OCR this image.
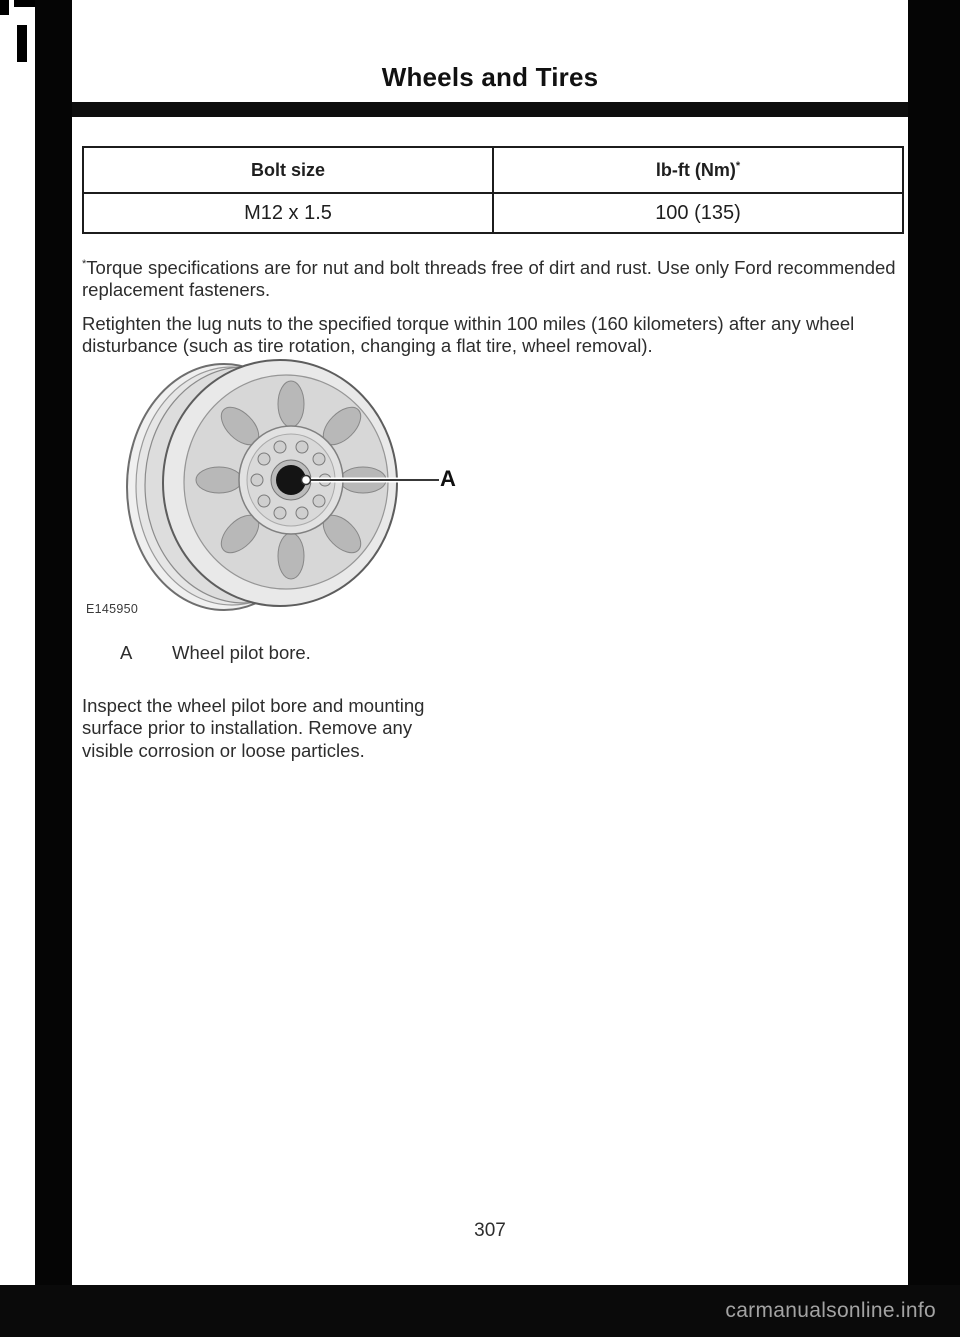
Wheels and Tires
Bolt size	lb-ft (Nm)*
M12 x 1.5	100 (135)

*Torque specifications are for nut and bolt threads free of dirt and rust. Use only Ford recommended replacement fasteners.

Retighten the lug nuts to the specified torque within 100 miles (160 kilometers) after any wheel disturbance (such as tire rotation, changing a flat tire, wheel removal).

A
E145950
A	Wheel pilot bore.

Inspect the wheel pilot bore and mounting surface prior to installation. Remove any visible corrosion or loose particles.

307
carmanualsonline.info
